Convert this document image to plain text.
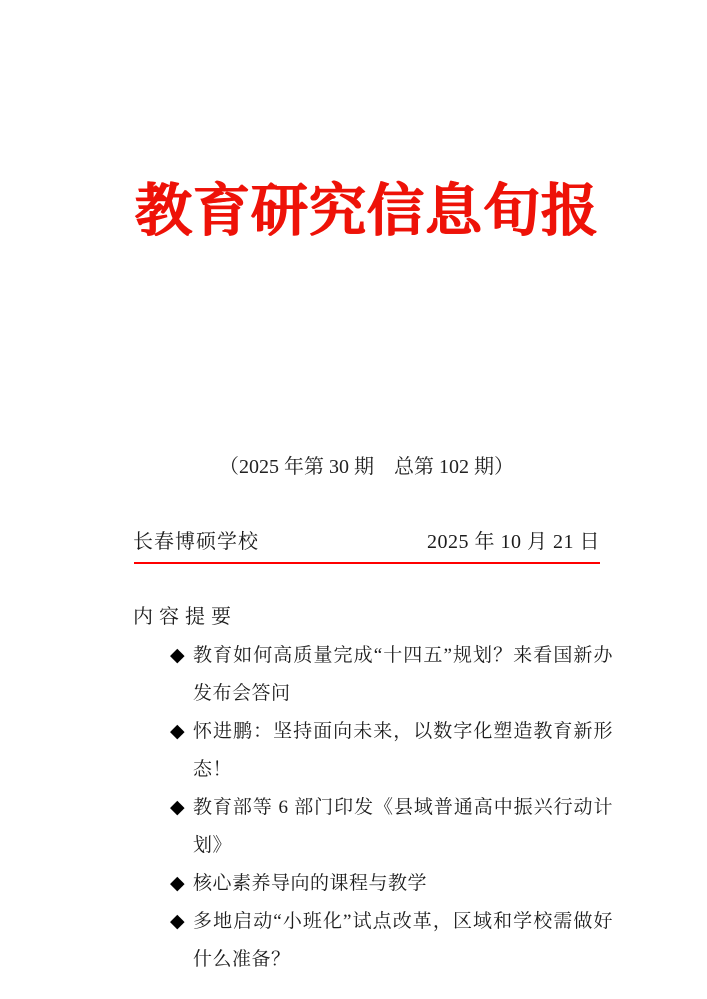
教育研究信息旬报
（2025 年第 30 期　总第 102 期）
长春博硕学校	2025 年 10 月 21 日
内容提要
◆ 教育如何高质量完成“十四五”规划？来看国新办发布会答问
◆ 怀进鹏：坚持面向未来，以数字化塑造教育新形态！
◆ 教育部等 6 部门印发《县域普通高中振兴行动计划》
◆ 核心素养导向的课程与教学
◆ 多地启动“小班化”试点改革，区域和学校需做好什么准备？
